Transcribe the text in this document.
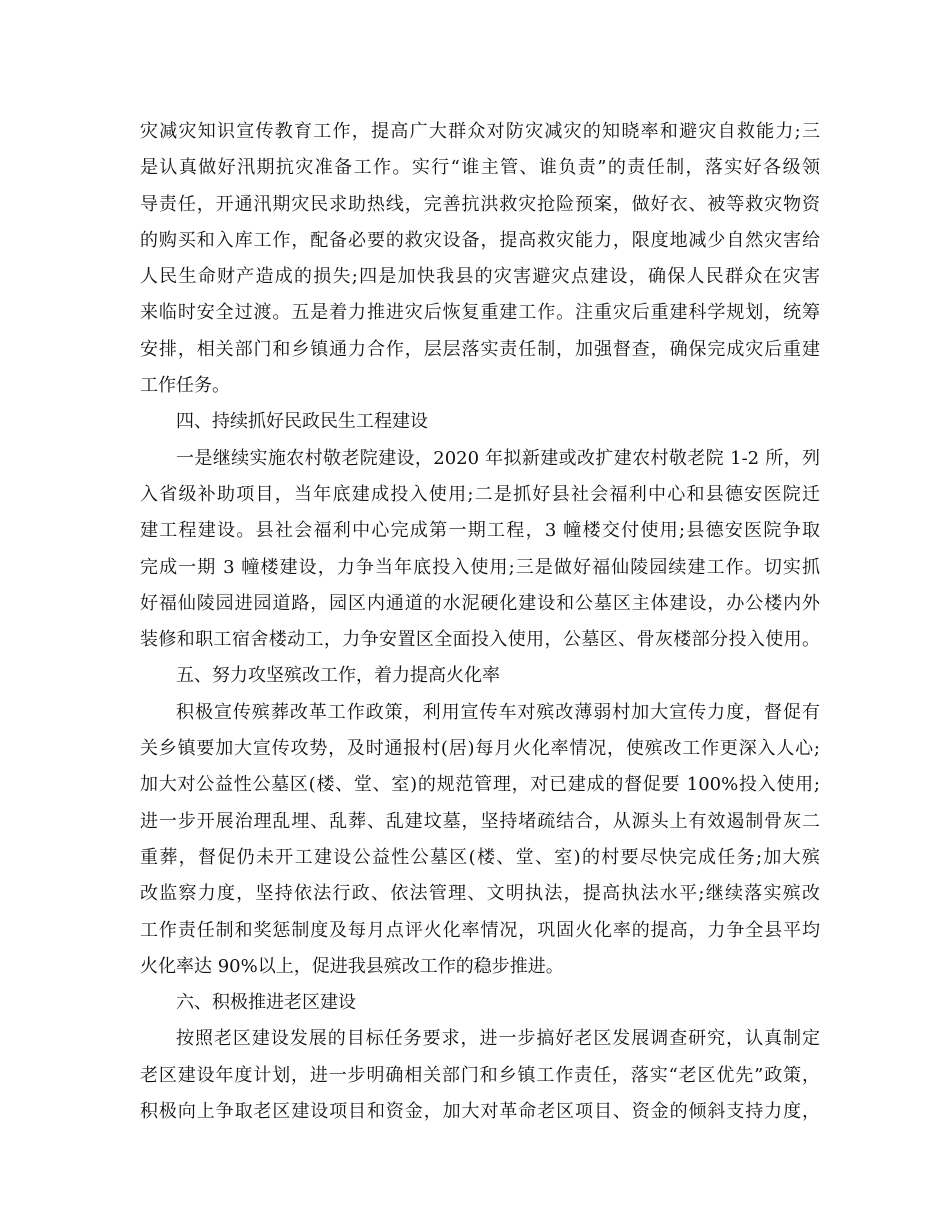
灾减灾知识宣传教育工作，提高广大群众对防灾减灾的知晓率和避灾自救能力;三
是认真做好汛期抗灾准备工作。实行“谁主管、谁负责”的责任制，落实好各级领
导责任，开通汛期灾民求助热线，完善抗洪救灾抢险预案，做好衣、被等救灾物资
的购买和入库工作，配备必要的救灾设备，提高救灾能力，限度地减少自然灾害给
人民生命财产造成的损失;四是加快我县的灾害避灾点建设，确保人民群众在灾害
来临时安全过渡。五是着力推进灾后恢复重建工作。注重灾后重建科学规划，统筹
安排，相关部门和乡镇通力合作，层层落实责任制，加强督查，确保完成灾后重建
工作任务。
四、持续抓好民政民生工程建设
一是继续实施农村敬老院建设，2020 年拟新建或改扩建农村敬老院 1-2 所，列
入省级补助项目，当年底建成投入使用;二是抓好县社会福利中心和县德安医院迁
建工程建设。县社会福利中心完成第一期工程，3 幢楼交付使用;县德安医院争取
完成一期 3 幢楼建设，力争当年底投入使用;三是做好福仙陵园续建工作。切实抓
好福仙陵园进园道路，园区内通道的水泥硬化建设和公墓区主体建设，办公楼内外
装修和职工宿舍楼动工，力争安置区全面投入使用，公墓区、骨灰楼部分投入使用。
五、努力攻坚殡改工作，着力提高火化率
积极宣传殡葬改革工作政策，利用宣传车对殡改薄弱村加大宣传力度，督促有
关乡镇要加大宣传攻势，及时通报村(居)每月火化率情况，使殡改工作更深入人心;
加大对公益性公墓区(楼、堂、室)的规范管理，对已建成的督促要 100%投入使用;
进一步开展治理乱埋、乱葬、乱建坟墓，坚持堵疏结合，从源头上有效遏制骨灰二
重葬，督促仍未开工建设公益性公墓区(楼、堂、室)的村要尽快完成任务;加大殡
改监察力度，坚持依法行政、依法管理、文明执法，提高执法水平;继续落实殡改
工作责任制和奖惩制度及每月点评火化率情况，巩固火化率的提高，力争全县平均
火化率达 90%以上，促进我县殡改工作的稳步推进。
六、积极推进老区建设
按照老区建设发展的目标任务要求，进一步搞好老区发展调查研究，认真制定
老区建设年度计划，进一步明确相关部门和乡镇工作责任，落实“老区优先”政策，
积极向上争取老区建设项目和资金，加大对革命老区项目、资金的倾斜支持力度，
